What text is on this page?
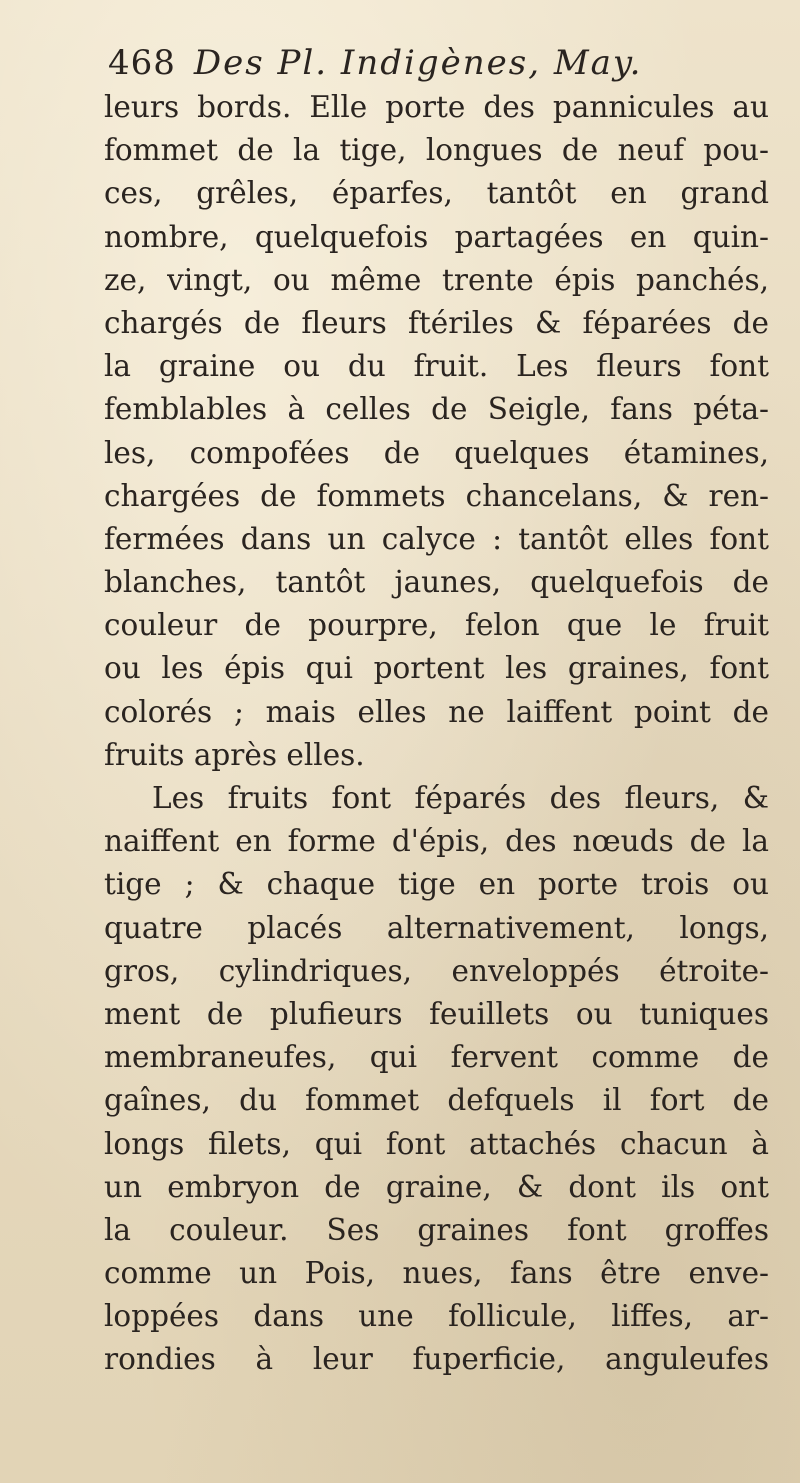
468 Des Pl. Indigènes, May.
leurs bords. Elle porte des pannicules au
fommet de la tige, longues de neuf pou-
ces, grêles, éparfes, tantôt en grand
nombre, quelquefois partagées en quin-
ze, vingt, ou même trente épis panchés,
chargés de fleurs ftériles & féparées de
la graine ou du fruit. Les fleurs font
femblables à celles de Seigle, fans péta-
les, compofées de quelques étamines,
chargées de fommets chancelans, & ren-
fermées dans un calyce : tantôt elles font
blanches, tantôt jaunes, quelquefois de
couleur de pourpre, felon que le fruit
ou les épis qui portent les graines, font
colorés ; mais elles ne laiffent point de
fruits après elles.
Les fruits font féparés des fleurs, &
naiffent en forme d'épis, des nœuds de la
tige ; & chaque tige en porte trois ou
quatre placés alternativement, longs,
gros, cylindriques, enveloppés étroite-
ment de plufieurs feuillets ou tuniques
membraneufes, qui fervent comme de
gaînes, du fommet defquels il fort de
longs filets, qui font attachés chacun à
un embryon de graine, & dont ils ont
la couleur. Ses graines font groffes
comme un Pois, nues, fans être enve-
loppées dans une follicule, liffes, ar-
rondies à leur fuperficie, anguleufes
